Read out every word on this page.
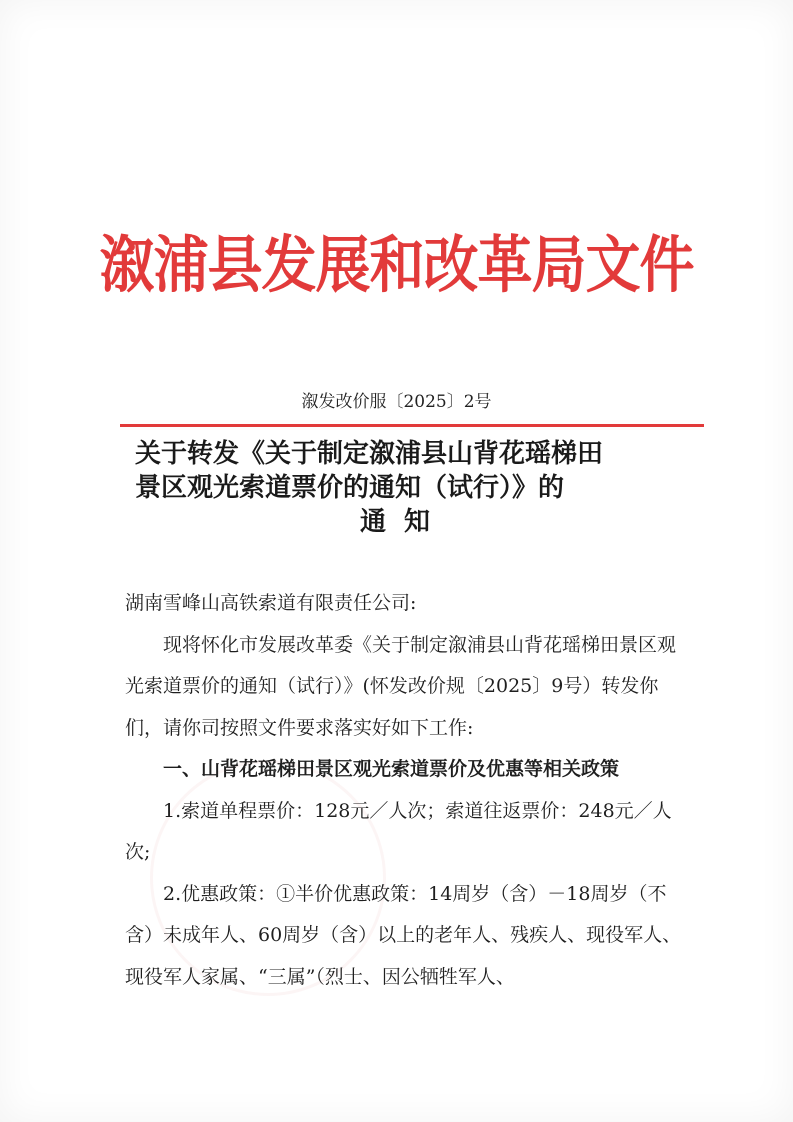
溆浦县发展和改革局文件
溆发改价服〔2025〕2号
关于转发《关于制定溆浦县山背花瑶梯田
景区观光索道票价的通知（试行）》的
通知

湖南雪峰山高铁索道有限责任公司:

现将怀化市发展改革委《关于制定溆浦县山背花瑶梯田景区观光索道票价的通知（试行）》(怀发改价规〔2025〕9号）转发你们，请你司按照文件要求落实好如下工作:

一、山背花瑶梯田景区观光索道票价及优惠等相关政策

1.索道单程票价：128元／人次；索道往返票价：248元／人次;

2.优惠政策：①半价优惠政策：14周岁（含）－18周岁（不含）未成年人、60周岁（含）以上的老年人、残疾人、现役军人、现役军人家属、“三属”（烈士、因公牺牲军人、
